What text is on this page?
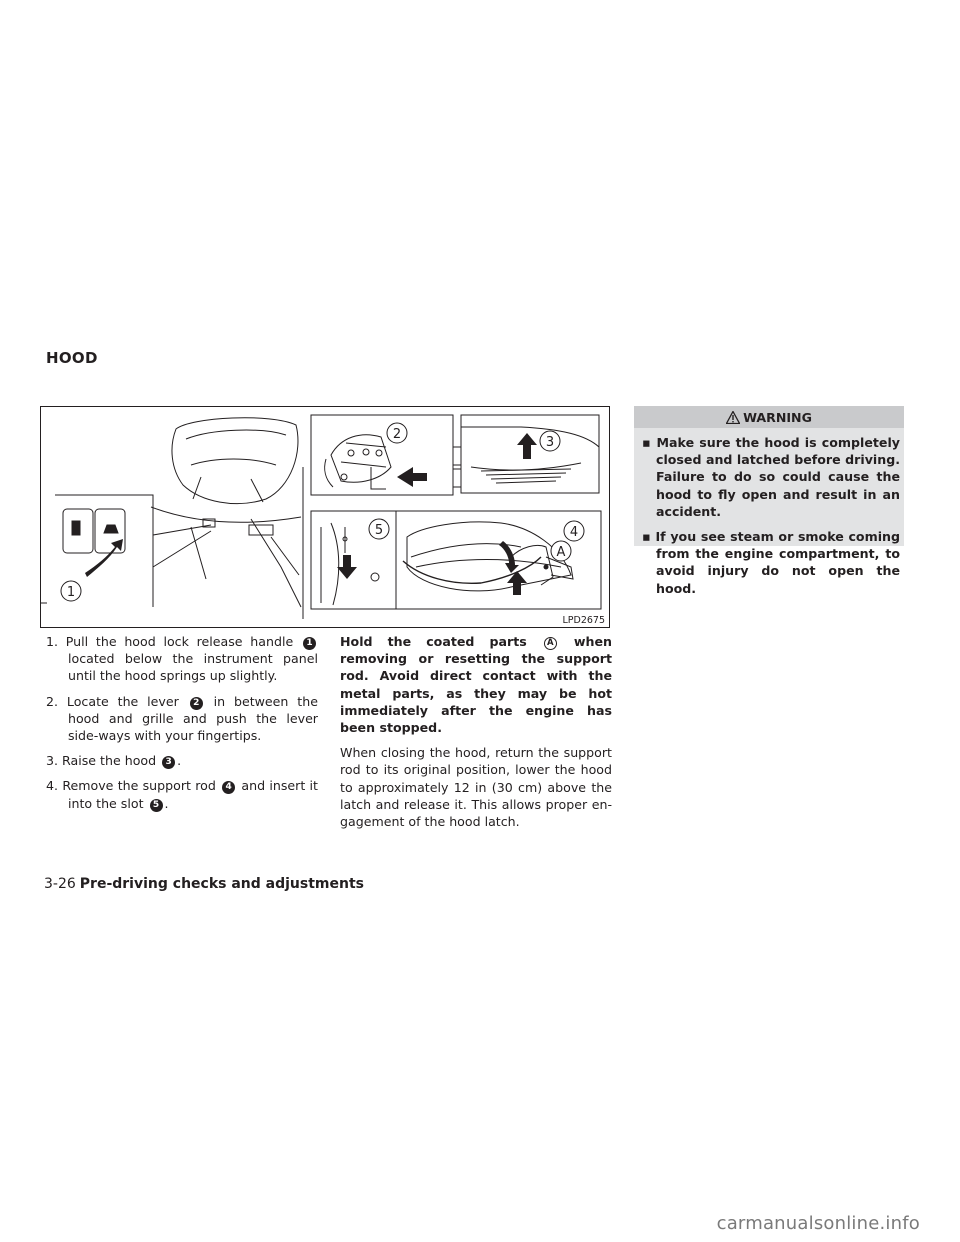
HOOD
1
2
3
4
5
A
LPD2675

1. Pull the hood lock release handle 1 located below the instrument panel until the hood springs up slightly.

2. Locate the lever 2 in between the hood and grille and push the lever side-ways with your fingertips.

3. Raise the hood 3 .

4. Remove the support rod 4 and insert it into the slot 5 .

Hold the coated parts A when removing or resetting the support rod. Avoid direct contact with the metal parts, as they may be hot immediately after the engine has been stopped.

When closing the hood, return the support rod to its original position, lower the hood to approximately 12 in (30 cm) above the latch and release it. This allows proper en-gagement of the hood latch.

WARNING
▪ Make sure the hood is completely closed and latched before driving. Failure to do so could cause the hood to fly open and result in an accident.
▪ If you see steam or smoke coming from the engine compartment, to avoid injury do not open the hood.
3-26 Pre-driving checks and adjustments
carmanualsonline.info
